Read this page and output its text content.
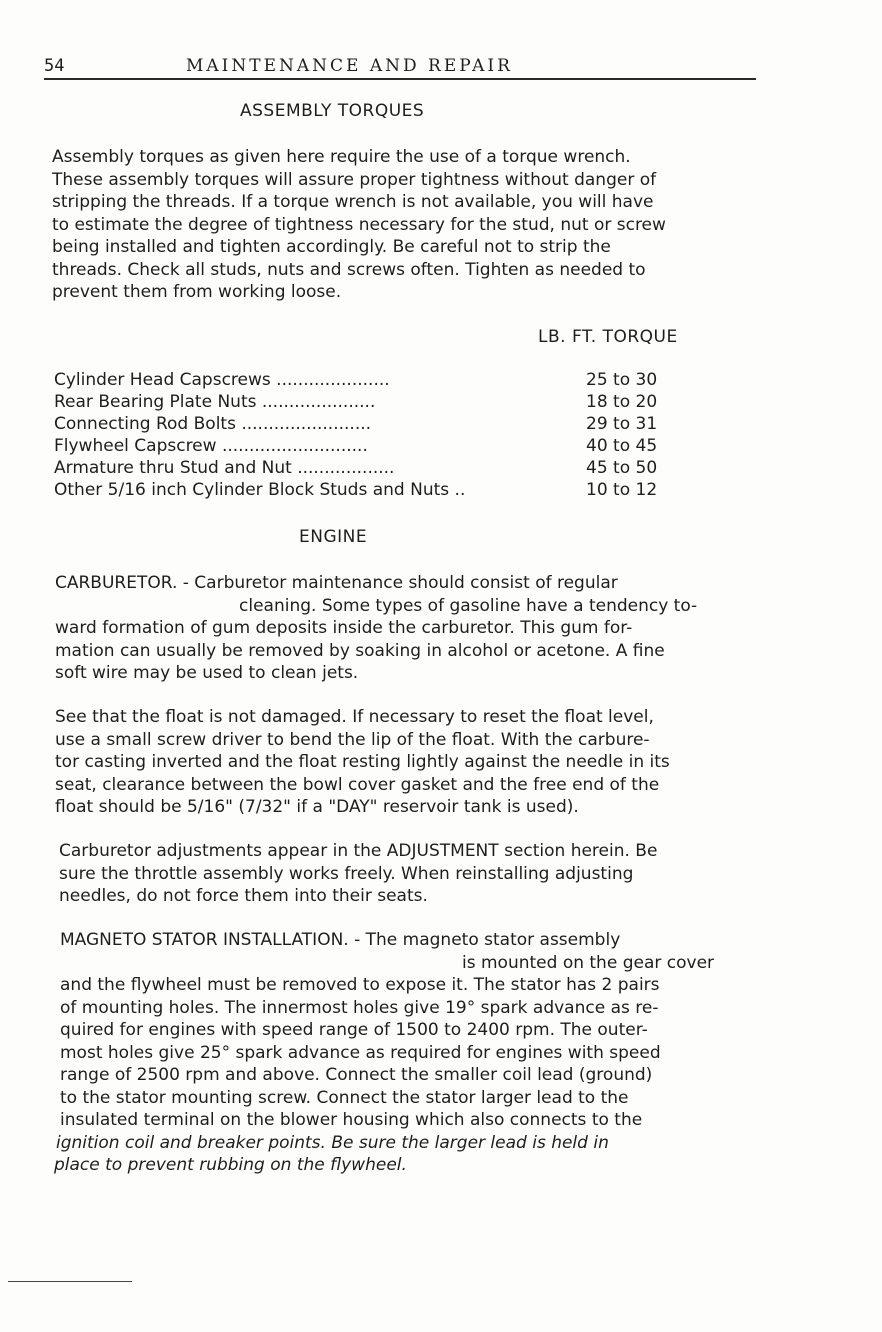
54	MAINTENANCE AND REPAIR
ASSEMBLY TORQUES
Assembly torques as given here require the use of a torque wrench.
These assembly torques will assure proper tightness without danger of
stripping the threads. If a torque wrench is not available, you will have
to estimate the degree of tightness necessary for the stud, nut or screw
being installed and tighten accordingly. Be careful not to strip the
threads. Check all studs, nuts and screws often. Tighten as needed to
prevent them from working loose.
LB. FT. TORQUE
Cylinder Head Capscrews .....................	25 to 30
Rear Bearing Plate Nuts .....................	18 to 20
Connecting Rod Bolts ........................	29 to 31
Flywheel Capscrew ...........................	40 to 45
Armature thru Stud and Nut ..................	45 to 50
Other 5/16 inch Cylinder Block Studs and Nuts ..	10 to 12
ENGINE
CARBURETOR. - Carburetor maintenance should consist of regular
cleaning. Some types of gasoline have a tendency to-
ward formation of gum deposits inside the carburetor. This gum for-
mation can usually be removed by soaking in alcohol or acetone. A fine
soft wire may be used to clean jets.
See that the float is not damaged. If necessary to reset the float level,
use a small screw driver to bend the lip of the float. With the carbure-
tor casting inverted and the float resting lightly against the needle in its
seat, clearance between the bowl cover gasket and the free end of the
float should be 5/16" (7/32" if a "DAY" reservoir tank is used).
Carburetor adjustments appear in the ADJUSTMENT section herein. Be
sure the throttle assembly works freely. When reinstalling adjusting
needles, do not force them into their seats.
MAGNETO STATOR INSTALLATION. - The magneto stator assembly
is mounted on the gear cover
and the flywheel must be removed to expose it. The stator has 2 pairs
of mounting holes. The innermost holes give 19° spark advance as re-
quired for engines with speed range of 1500 to 2400 rpm. The outer-
most holes give 25° spark advance as required for engines with speed
range of 2500 rpm and above. Connect the smaller coil lead (ground)
to the stator mounting screw. Connect the stator larger lead to the
insulated terminal on the blower housing which also connects to the
ignition coil and breaker points. Be sure the larger lead is held in
place to prevent rubbing on the flywheel.
